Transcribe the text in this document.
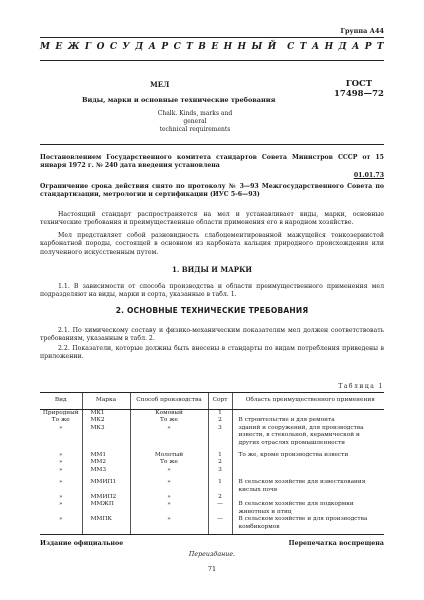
Группа А44
М Е Ж Г О С У Д А Р С Т В Е Н Н Ы Й С Т А Н Д А Р Т
МЕЛ
Виды, марки и основные технические требования
Chalk. Kinds, marks and general
technical requirements
ГОСТ
17498—72
Постановлением Государственного комитета стандартов Совета Министров СССР от 15 января 1972 г. № 240 дата введения установлена
01.01.73
Ограничение срока действия снято по протоколу № 3—93 Межгосударственного Совета по стандартизации, метрологии и сертификации (ИУС 5-6—93)
Настоящий стандарт распространяется на мел и устанавливает виды, марки, основные технические требования и преимущественные области применения его в народном хозяйстве.
Мел представляет собой разновидность слабоцементированной мажущейся тонкозернистой карбонатной породы, состоящей в основном из карбоната кальция природного происхождения или полученного искусственным путем.
1. ВИДЫ И МАРКИ
1.1. В зависимости от способа производства и области преимущественного применения мел подразделяют на виды, марки и сорта, указанные в табл. 1.
2. ОСНОВНЫЕ ТЕХНИЧЕСКИЕ ТРЕБОВАНИЯ
2.1. По химическому составу и физико-механическим показателям мел должен соответствовать требованиям, указанным в табл. 2.
2.2. Показатели, которые должны быть внесены в стандарты по видам потребления приведены в приложении.
Таблица 1
Вид	Марка	Способ производства	Сорт	Область преимущественного применения
Природный	МК1	Комовый	1	
То же	МК2	То же	2	В строительстве и для ремонта
»	МК3	»	3	зданий и сооружений, для производства извести, в стекольной, керамической и других отраслях промышленности
»	ММ1	Молотый	1	То же, кроме производства извести
»	ММ2	То же	2	
»	ММ3	»	3	
»	ММИП1	»	1	В сельском хозяйстве для известкования кислых почв
»	ММИП2	»	2	
»	ММЖП	»	—	В сельском хозяйстве для подкормки животных и птиц
»	ММПК	»	—	В сельском хозяйстве и для производства комбикормов
Издание официальное	Перепечатка воспрещена
Переиздание.
71
